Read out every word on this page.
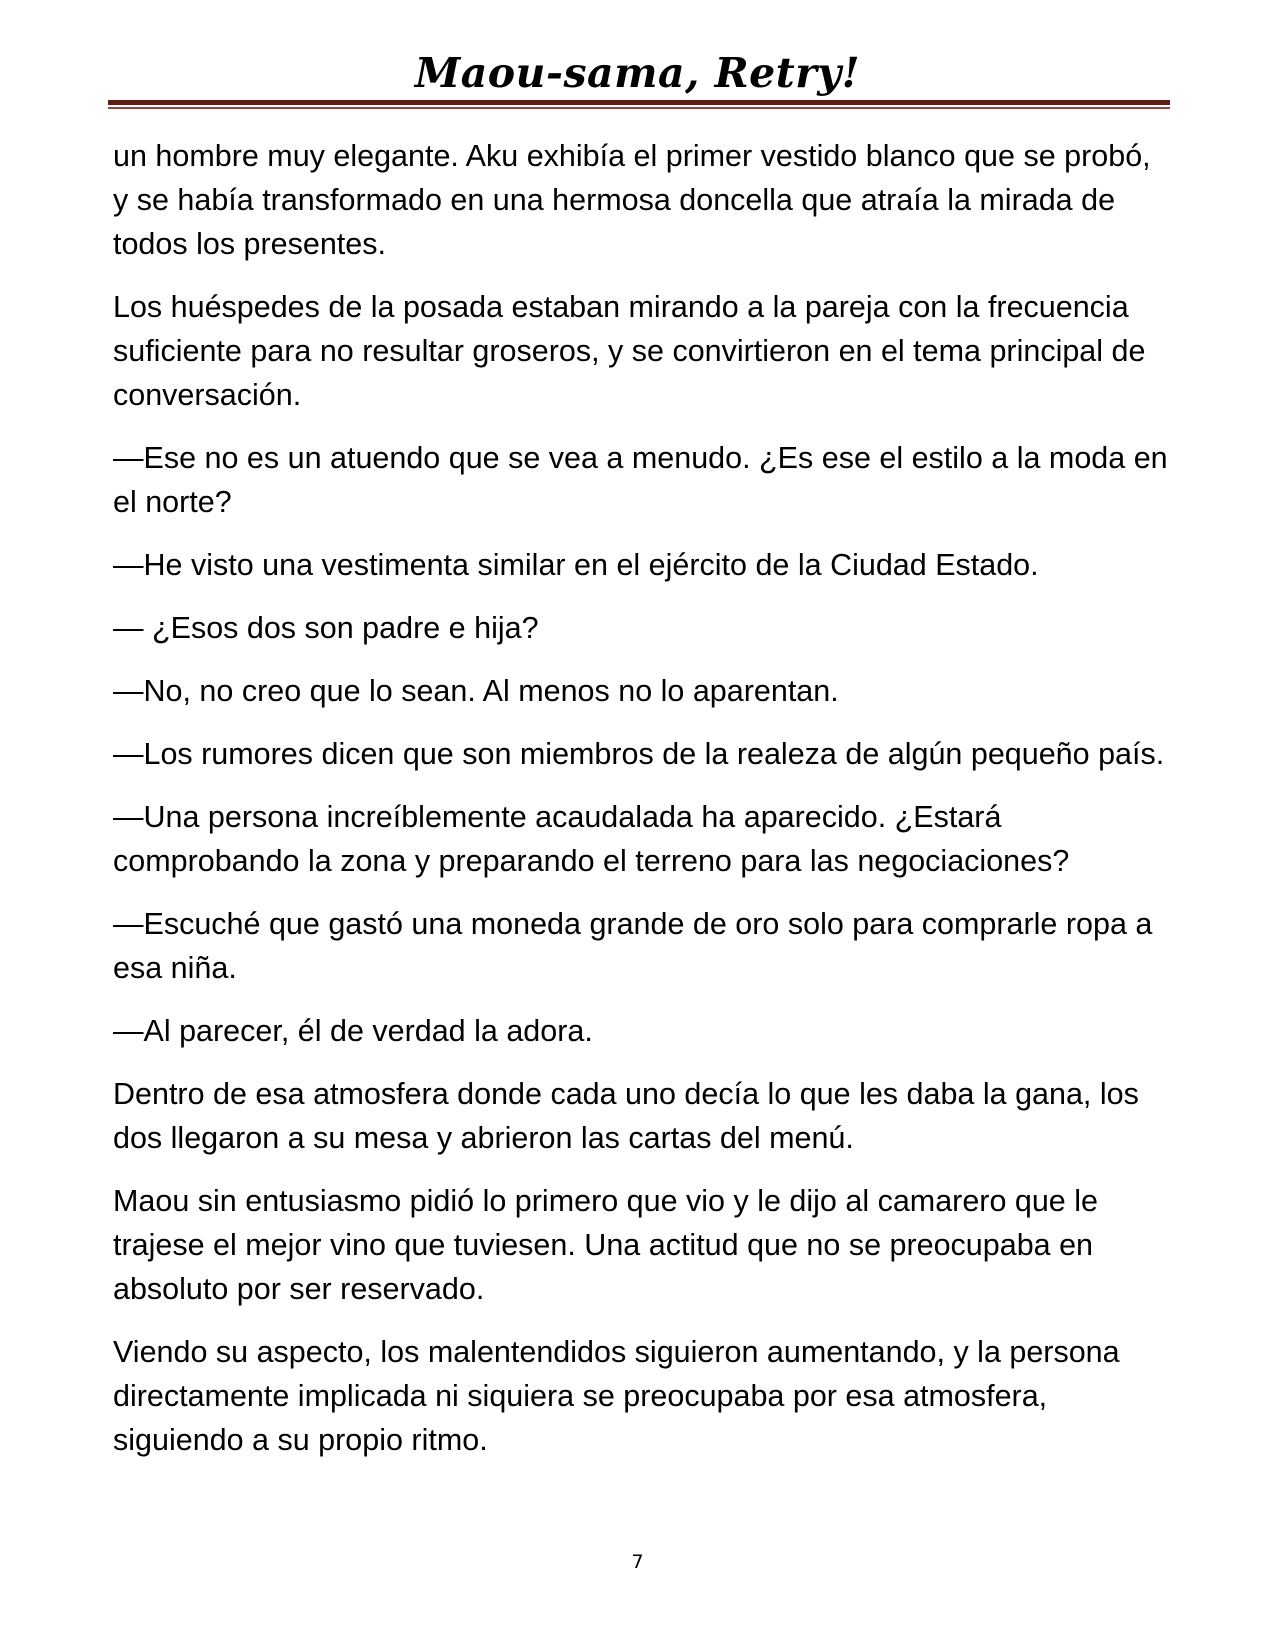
Maou-sama, Retry!

un hombre muy elegante. Aku exhibía el primer vestido blanco que se probó, y se había transformado en una hermosa doncella que atraía la mirada de todos los presentes.

Los huéspedes de la posada estaban mirando a la pareja con la frecuencia suficiente para no resultar groseros, y se convirtieron en el tema principal de conversación.

—Ese no es un atuendo que se vea a menudo. ¿Es ese el estilo a la moda en el norte?

—He visto una vestimenta similar en el ejército de la Ciudad Estado.

— ¿Esos dos son padre e hija?

—No, no creo que lo sean. Al menos no lo aparentan.

—Los rumores dicen que son miembros de la realeza de algún pequeño país.

—Una persona increíblemente acaudalada ha aparecido. ¿Estará comprobando la zona y preparando el terreno para las negociaciones?

—Escuché que gastó una moneda grande de oro solo para comprarle ropa a esa niña.

—Al parecer, él de verdad la adora.

Dentro de esa atmosfera donde cada uno decía lo que les daba la gana, los dos llegaron a su mesa y abrieron las cartas del menú.

Maou sin entusiasmo pidió lo primero que vio y le dijo al camarero que le trajese el mejor vino que tuviesen. Una actitud que no se preocupaba en absoluto por ser reservado.

Viendo su aspecto, los malentendidos siguieron aumentando, y la persona directamente implicada ni siquiera se preocupaba por esa atmosfera, siguiendo a su propio ritmo.

7
